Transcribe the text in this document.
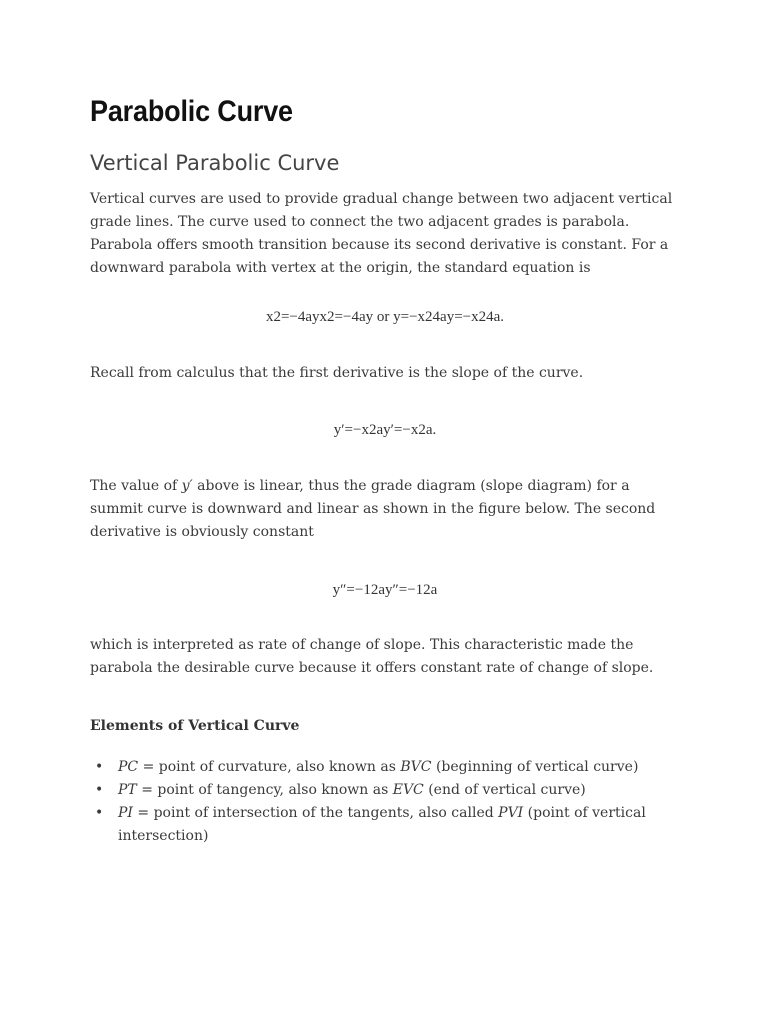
Parabolic Curve
Vertical Parabolic Curve

Vertical curves are used to provide gradual change between two adjacent vertical grade lines. The curve used to connect the two adjacent grades is parabola. Parabola offers smooth transition because its second derivative is constant. For a downward parabola with vertex at the origin, the standard equation is

x2=−4ayx2=−4ay or y=−x24ay=−x24a.

Recall from calculus that the first derivative is the slope of the curve.

y′=−x2ay′=−x2a.

The value of y′ above is linear, thus the grade diagram (slope diagram) for a summit curve is downward and linear as shown in the figure below. The second derivative is obviously constant

y″=−12ay″=−12a

which is interpreted as rate of change of slope. This characteristic made the parabola the desirable curve because it offers constant rate of change of slope.

Elements of Vertical Curve
• PC = point of curvature, also known as BVC (beginning of vertical curve)
• PT = point of tangency, also known as EVC (end of vertical curve)
• PI = point of intersection of the tangents, also called PVI (point of vertical intersection)
